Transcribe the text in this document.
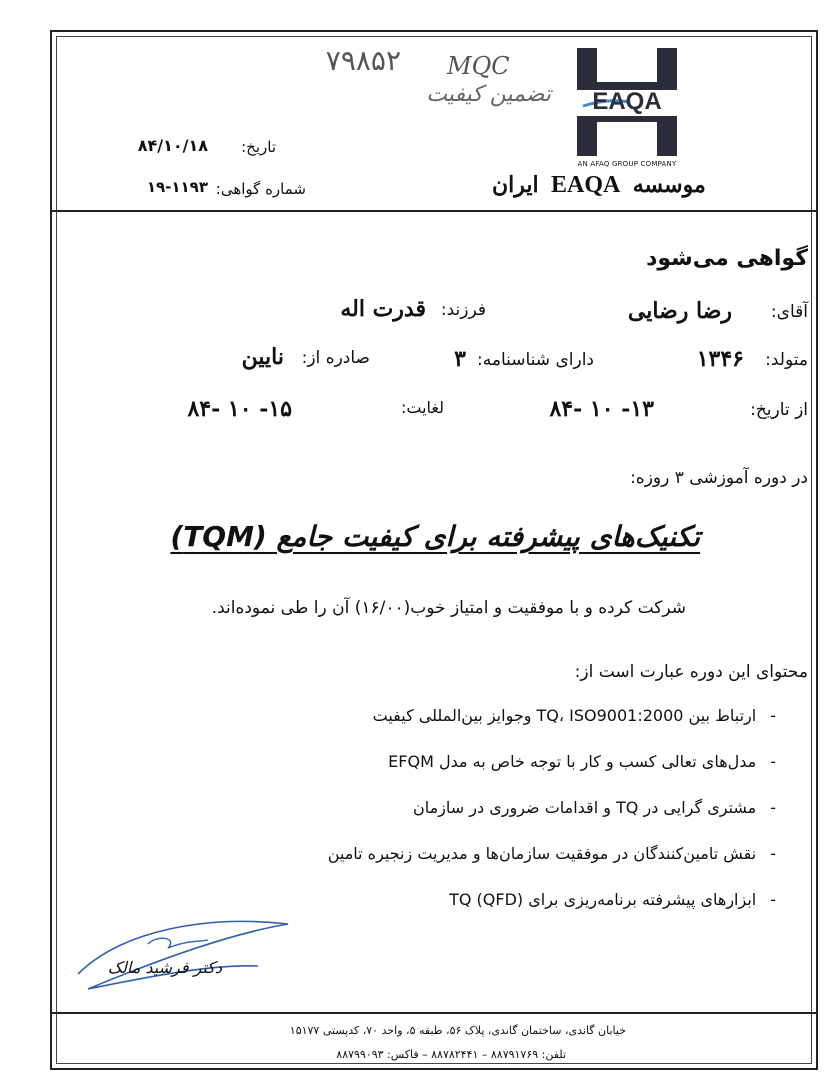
۷۹۸۵۲ MQC
تضمین کیفیت	EAQA
AN AFAQ GROUP COMPANY
۸۴/۱۰/۱۸ تاریخ:
۱۹-۱۱۹۳ شماره گواهی:	ایران EAQA موسسه
گواهی می‌شود
آقای:
رضا رضایی
فرزند:
قدرت اله
متولد:
۱۳۴۶
دارای شناسنامه:
۳
صادره از:
نایین
از تاریخ:
۱۳- ۱۰ -۸۴
لغایت:
۱۵- ۱۰ -۸۴
در دوره آموزشی ۳ روزه:
تکنیک‌های پیشرفته برای کیفیت جامع (TQM)
شرکت کرده و با موفقیت و امتیاز خوب(۱۶/۰۰) آن را طی نموده‌اند.
محتوای این دوره عبارت است از:
-ارتباط بین TQ، ISO9001:2000 وجوایز بین‌المللی کیفیت
-مدل‌های تعالی کسب و کار با توجه خاص به مدل EFQM
-مشتری گرایی در TQ و اقدامات ضروری در سازمان
-نقش تامین‌کنندگان در موفقیت سازمان‌ها و مدیریت زنجیره تامین
-ابزارهای پیشرفته برنامه‌ریزی برای TQ (QFD)
دکتر فرشید مالک
خیابان گاندی، ساختمان گاندی، پلاک ۵۶، طبقه ۵، واحد ۷۰، کدپستی ۱۵۱۷۷
تلفن: ۸۸۷۹۱۷۶۹ – ۸۸۷۸۲۴۴۱ – فاکس: ۸۸۷۹۹۰۹۳
